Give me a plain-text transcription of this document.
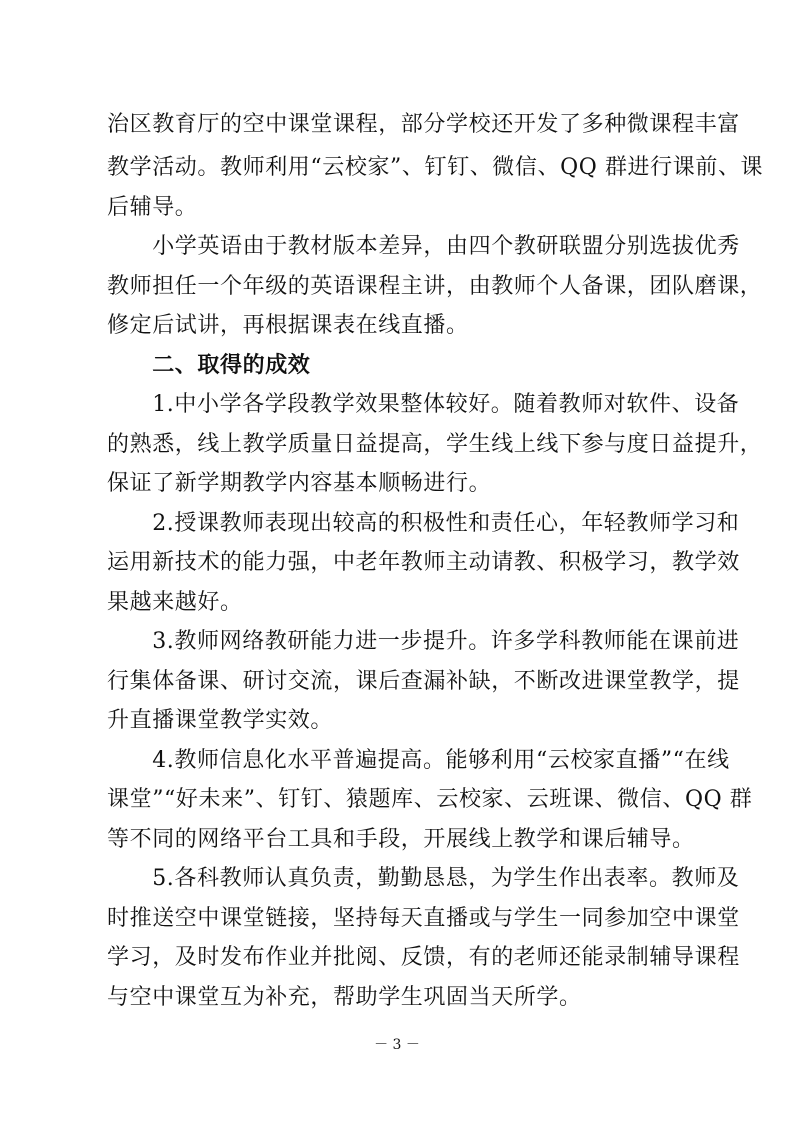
治区教育厅的空中课堂课程，部分学校还开发了多种微课程丰富
教学活动。教师利用“云校家”、钉钉、微信、QQ 群进行课前、课
后辅导。
　　小学英语由于教材版本差异，由四个教研联盟分别选拔优秀
教师担任一个年级的英语课程主讲，由教师个人备课，团队磨课，
修定后试讲，再根据课表在线直播。
　　二、取得的成效
　　1.中小学各学段教学效果整体较好。随着教师对软件、设备
的熟悉，线上教学质量日益提高，学生线上线下参与度日益提升，
保证了新学期教学内容基本顺畅进行。
　　2.授课教师表现出较高的积极性和责任心，年轻教师学习和
运用新技术的能力强，中老年教师主动请教、积极学习，教学效
果越来越好。
　　3.教师网络教研能力进一步提升。许多学科教师能在课前进
行集体备课、研讨交流，课后查漏补缺，不断改进课堂教学，提
升直播课堂教学实效。
　　4.教师信息化水平普遍提高。能够利用“云校家直播”“在线
课堂”“好未来”、钉钉、猿题库、云校家、云班课、微信、QQ 群
等不同的网络平台工具和手段，开展线上教学和课后辅导。
　　5.各科教师认真负责，勤勤恳恳，为学生作出表率。教师及
时推送空中课堂链接，坚持每天直播或与学生一同参加空中课堂
学习，及时发布作业并批阅、反馈，有的老师还能录制辅导课程
与空中课堂互为补充，帮助学生巩固当天所学。
－ 3 －
